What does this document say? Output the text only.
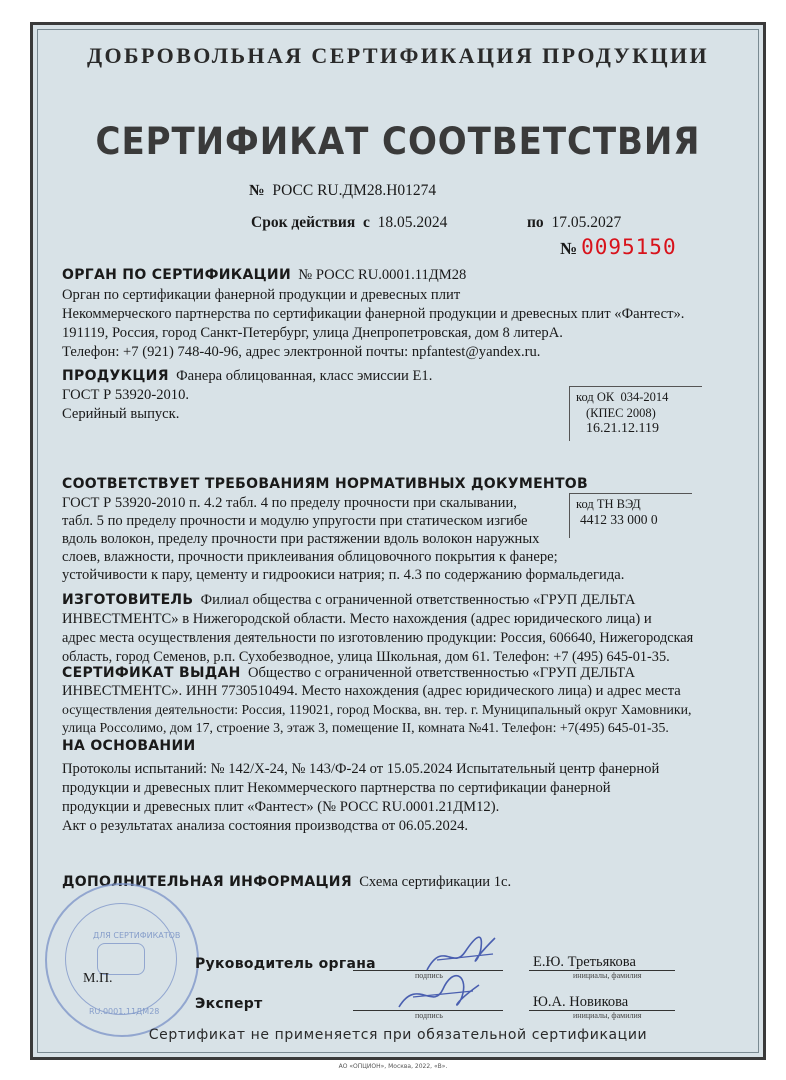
ДОБРОВОЛЬНАЯ СЕРТИФИКАЦИЯ ПРОДУКЦИИ
СЕРТИФИКАТ СООТВЕТСТВИЯ
№ РОСС RU.ДМ28.Н01274
Срок действия с 18.05.2024	по 17.05.2027
№ 0095150
ОРГАН ПО СЕРТИФИКАЦИИ № РОСС RU.0001.11ДМ28
Орган по сертификации фанерной продукции и древесных плит
Некоммерческого партнерства по сертификации фанерной продукции и древесных плит «Фантест».
191119, Россия, город Санкт-Петербург, улица Днепропетровская, дом 8 литерА.
Телефон: +7 (921) 748-40-96, адрес электронной почты: npfantest@yandex.ru.
ПРОДУКЦИЯ Фанера облицованная, класс эмиссии Е1.
ГОСТ Р 53920-2010.
Серийный выпуск.
код ОК 034-2014
(КПЕС 2008)
16.21.12.119
СООТВЕТСТВУЕТ ТРЕБОВАНИЯМ НОРМАТИВНЫХ ДОКУМЕНТОВ
ГОСТ Р 53920-2010 п. 4.2 табл. 4 по пределу прочности при скалывании,
табл. 5 по пределу прочности и модулю упругости при статическом изгибе
вдоль волокон, пределу прочности при растяжении вдоль волокон наружных
слоев, влажности, прочности приклеивания облицовочного покрытия к фанере;
устойчивости к пару, цементу и гидроокиси натрия; п. 4.3 по содержанию формальдегида.
код ТН ВЭД
4412 33 000 0
ИЗГОТОВИТЕЛЬ Филиал общества с ограниченной ответственностью «ГРУП ДЕЛЬТА
ИНВЕСТМЕНТС» в Нижегородской области. Место нахождения (адрес юридического лица) и
адрес места осуществления деятельности по изготовлению продукции: Россия, 606640, Нижегородская
область, город Семенов, р.п. Сухобезводное, улица Школьная, дом 61. Телефон: +7 (495) 645-01-35.
СЕРТИФИКАТ ВЫДАН Общество с ограниченной ответственностью «ГРУП ДЕЛЬТА
ИНВЕСТМЕНТС». ИНН 7730510494. Место нахождения (адрес юридического лица) и адрес места
осуществления деятельности: Россия, 119021, город Москва, вн. тер. г. Муниципальный округ Хамовники,
улица Россолимо, дом 17, строение 3, этаж 3, помещение II, комната №41. Телефон: +7(495) 645-01-35.
НА ОСНОВАНИИ
Протоколы испытаний: № 142/Х-24, № 143/Ф-24 от 15.05.2024 Испытательный центр фанерной
продукции и древесных плит Некоммерческого партнерства по сертификации фанерной
продукции и древесных плит «Фантест» (№ РОСС RU.0001.21ДМ12).
Акт о результатах анализа состояния производства от 06.05.2024.
ДОПОЛНИТЕЛЬНАЯ ИНФОРМАЦИЯ Схема сертификации 1с.
ДЛЯ СЕРТИФИКАТОВ
RU.0001.11ДМ28
М.П.
Руководитель органа
подпись
Е.Ю. Третьякова
инициалы, фамилия
Эксперт
подпись
Ю.А. Новикова
инициалы, фамилия
Сертификат не применяется при обязательной сертификации
АО «ОПЦИОН», Москва, 2022, «В».
